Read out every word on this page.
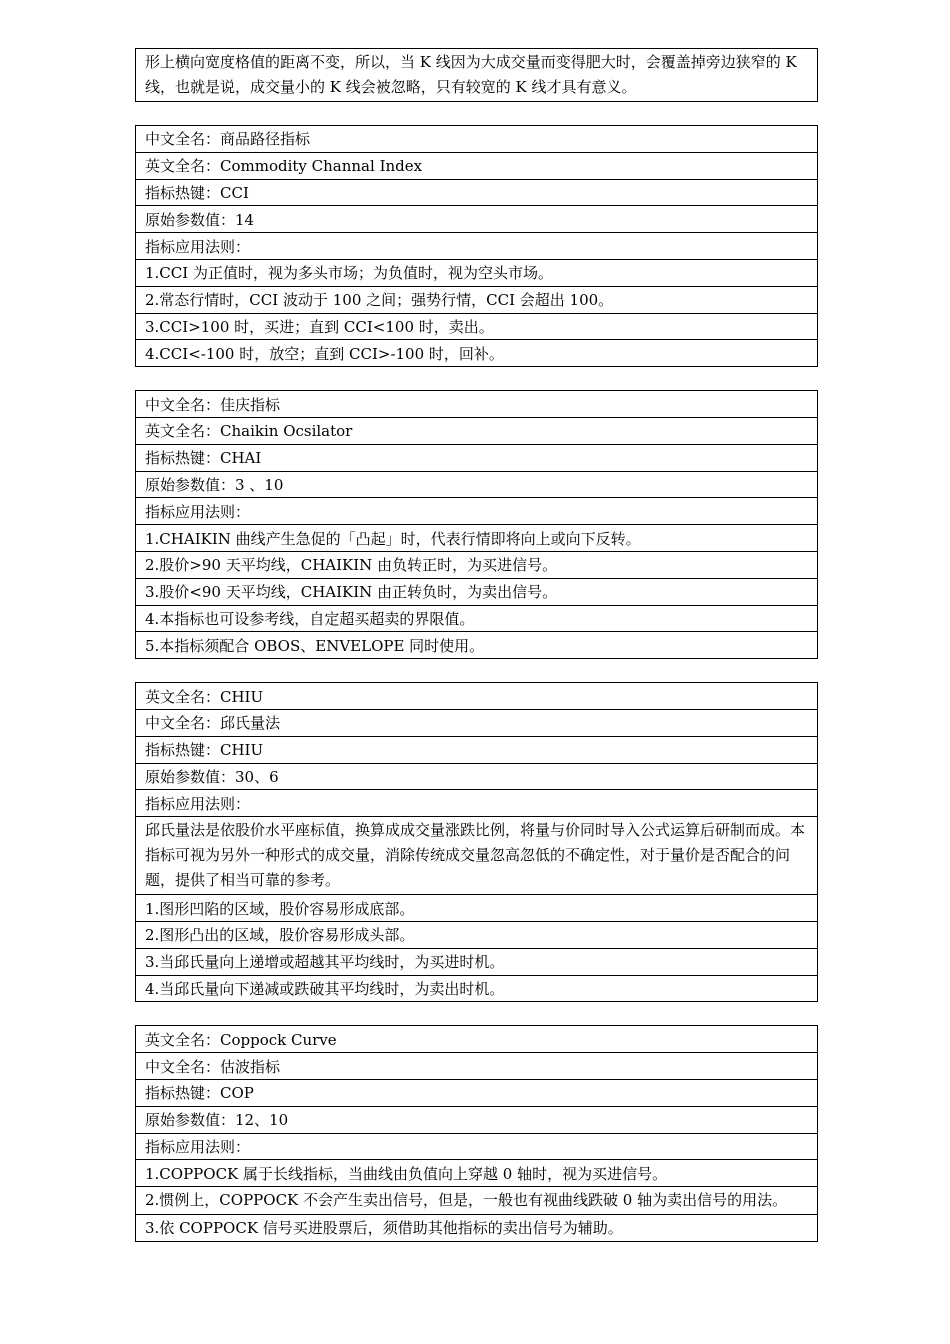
形上横向宽度格值的距离不变，所以，当 K 线因为大成交量而变得肥大时，会覆盖掉旁边狭窄的 K 线，也就是说，成交量小的 K 线会被忽略，只有较宽的 K 线才具有意义。
中文全名：商品路径指标
英文全名：Commodity Channal Index
指标热键：CCI
原始参数值：14
指标应用法则：
1.CCI 为正值时，视为多头市场；为负值时，视为空头市场。
2.常态行情时，CCI 波动于 100 之间；强势行情，CCI 会超出 100。
3.CCI>100 时，买进；直到 CCI<100 时，卖出。
4.CCI<-100 时，放空；直到 CCI>-100 时，回补。
中文全名：佳庆指标
英文全名：Chaikin Ocsilator
指标热键：CHAI
原始参数值：3 、10
指标应用法则：
1.CHAIKIN 曲线产生急促的「凸起」时，代表行情即将向上或向下反转。
2.股价>90 天平均线，CHAIKIN 由负转正时，为买进信号。
3.股价<90 天平均线，CHAIKIN 由正转负时，为卖出信号。
4.本指标也可设参考线，自定超买超卖的界限值。
5.本指标须配合 OBOS、ENVELOPE 同时使用。
英文全名：CHIU
中文全名：邱氏量法
指标热键：CHIU
原始参数值：30、6
指标应用法则：
邱氏量法是依股价水平座标值，换算成成交量涨跌比例，将量与价同时导入公式运算后研制而成。本指标可视为另外一种形式的成交量，消除传统成交量忽高忽低的不确定性，对于量价是否配合的问题，提供了相当可靠的参考。
1.图形凹陷的区域，股价容易形成底部。
2.图形凸出的区域，股价容易形成头部。
3.当邱氏量向上递增或超越其平均线时，为买进时机。
4.当邱氏量向下递减或跌破其平均线时，为卖出时机。
英文全名：Coppock Curve
中文全名：估波指标
指标热键：COP
原始参数值：12、10
指标应用法则：
1.COPPOCK 属于长线指标，当曲线由负值向上穿越 0 轴时，视为买进信号。
2.惯例上，COPPOCK 不会产生卖出信号，但是，一般也有视曲线跌破 0 轴为卖出信号的用法。
3.依 COPPOCK 信号买进股票后，须借助其他指标的卖出信号为辅助。
